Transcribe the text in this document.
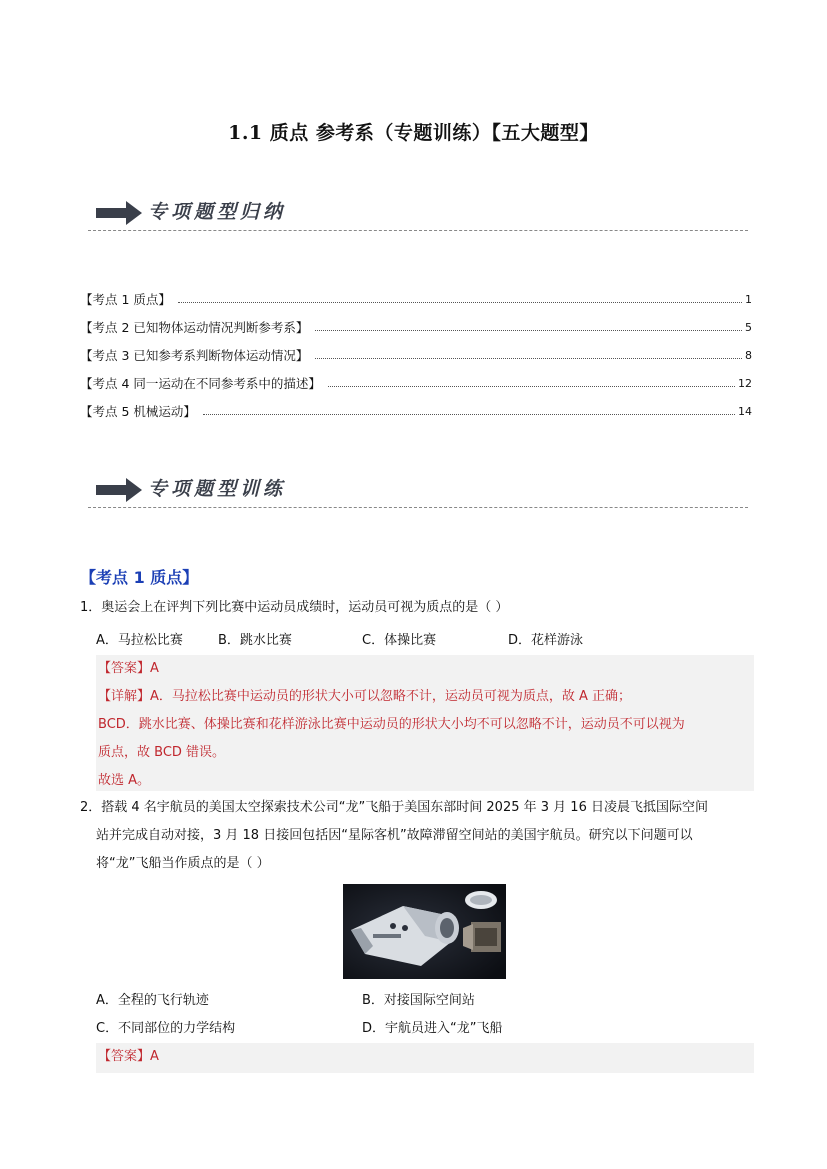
1.1 质点 参考系（专题训练）【五大题型】
专项题型归纳
【考点 1 质点】	1
【考点 2 已知物体运动情况判断参考系】	5
【考点 3 已知参考系判断物体运动情况】	8
【考点 4 同一运动在不同参考系中的描述】	12
【考点 5 机械运动】	14
专项题型训练
【考点 1 质点】
1．奥运会上在评判下列比赛中运动员成绩时，运动员可视为质点的是（ ）
A．马拉松比赛	B．跳水比赛	C．体操比赛	D．花样游泳
【答案】A
【详解】A．马拉松比赛中运动员的形状大小可以忽略不计，运动员可视为质点，故 A 正确；
BCD．跳水比赛、体操比赛和花样游泳比赛中运动员的形状大小均不可以忽略不计，运动员不可以视为
质点，故 BCD 错误。
故选 A。
2．搭载 4 名宇航员的美国太空探索技术公司“龙”飞船于美国东部时间 2025 年 3 月 16 日凌晨飞抵国际空间
站并完成自动对接，3 月 18 日接回包括因“星际客机”故障滞留空间站的美国宇航员。研究以下问题可以
将“龙”飞船当作质点的是（ ）
A．全程的飞行轨迹	B．对接国际空间站
C．不同部位的力学结构	D．宇航员进入“龙”飞船
【答案】A
